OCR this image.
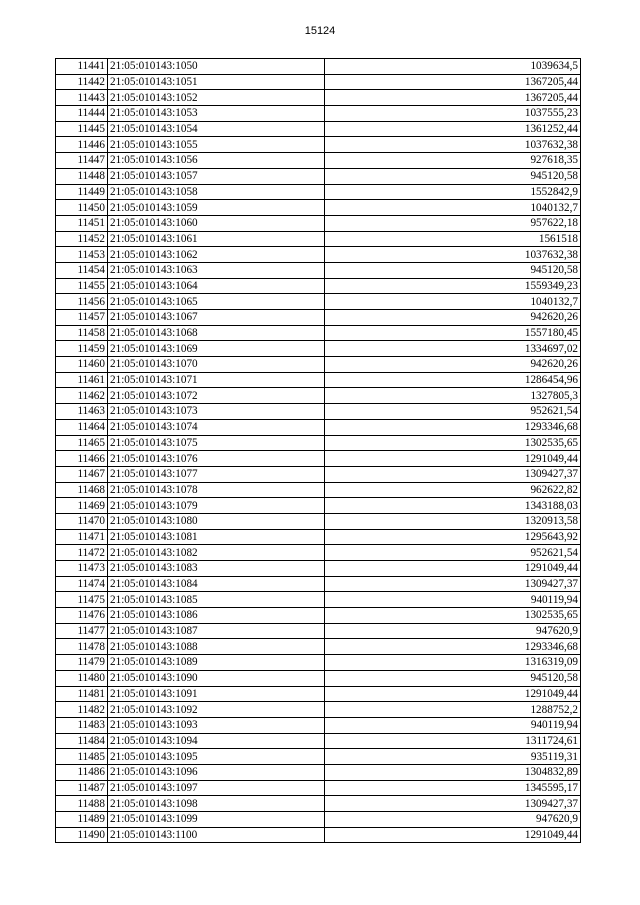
15124
11441	21:05:010143:1050	1039634,5
11442	21:05:010143:1051	1367205,44
11443	21:05:010143:1052	1367205,44
11444	21:05:010143:1053	1037555,23
11445	21:05:010143:1054	1361252,44
11446	21:05:010143:1055	1037632,38
11447	21:05:010143:1056	927618,35
11448	21:05:010143:1057	945120,58
11449	21:05:010143:1058	1552842,9
11450	21:05:010143:1059	1040132,7
11451	21:05:010143:1060	957622,18
11452	21:05:010143:1061	1561518
11453	21:05:010143:1062	1037632,38
11454	21:05:010143:1063	945120,58
11455	21:05:010143:1064	1559349,23
11456	21:05:010143:1065	1040132,7
11457	21:05:010143:1067	942620,26
11458	21:05:010143:1068	1557180,45
11459	21:05:010143:1069	1334697,02
11460	21:05:010143:1070	942620,26
11461	21:05:010143:1071	1286454,96
11462	21:05:010143:1072	1327805,3
11463	21:05:010143:1073	952621,54
11464	21:05:010143:1074	1293346,68
11465	21:05:010143:1075	1302535,65
11466	21:05:010143:1076	1291049,44
11467	21:05:010143:1077	1309427,37
11468	21:05:010143:1078	962622,82
11469	21:05:010143:1079	1343188,03
11470	21:05:010143:1080	1320913,58
11471	21:05:010143:1081	1295643,92
11472	21:05:010143:1082	952621,54
11473	21:05:010143:1083	1291049,44
11474	21:05:010143:1084	1309427,37
11475	21:05:010143:1085	940119,94
11476	21:05:010143:1086	1302535,65
11477	21:05:010143:1087	947620,9
11478	21:05:010143:1088	1293346,68
11479	21:05:010143:1089	1316319,09
11480	21:05:010143:1090	945120,58
11481	21:05:010143:1091	1291049,44
11482	21:05:010143:1092	1288752,2
11483	21:05:010143:1093	940119,94
11484	21:05:010143:1094	1311724,61
11485	21:05:010143:1095	935119,31
11486	21:05:010143:1096	1304832,89
11487	21:05:010143:1097	1345595,17
11488	21:05:010143:1098	1309427,37
11489	21:05:010143:1099	947620,9
11490	21:05:010143:1100	1291049,44
